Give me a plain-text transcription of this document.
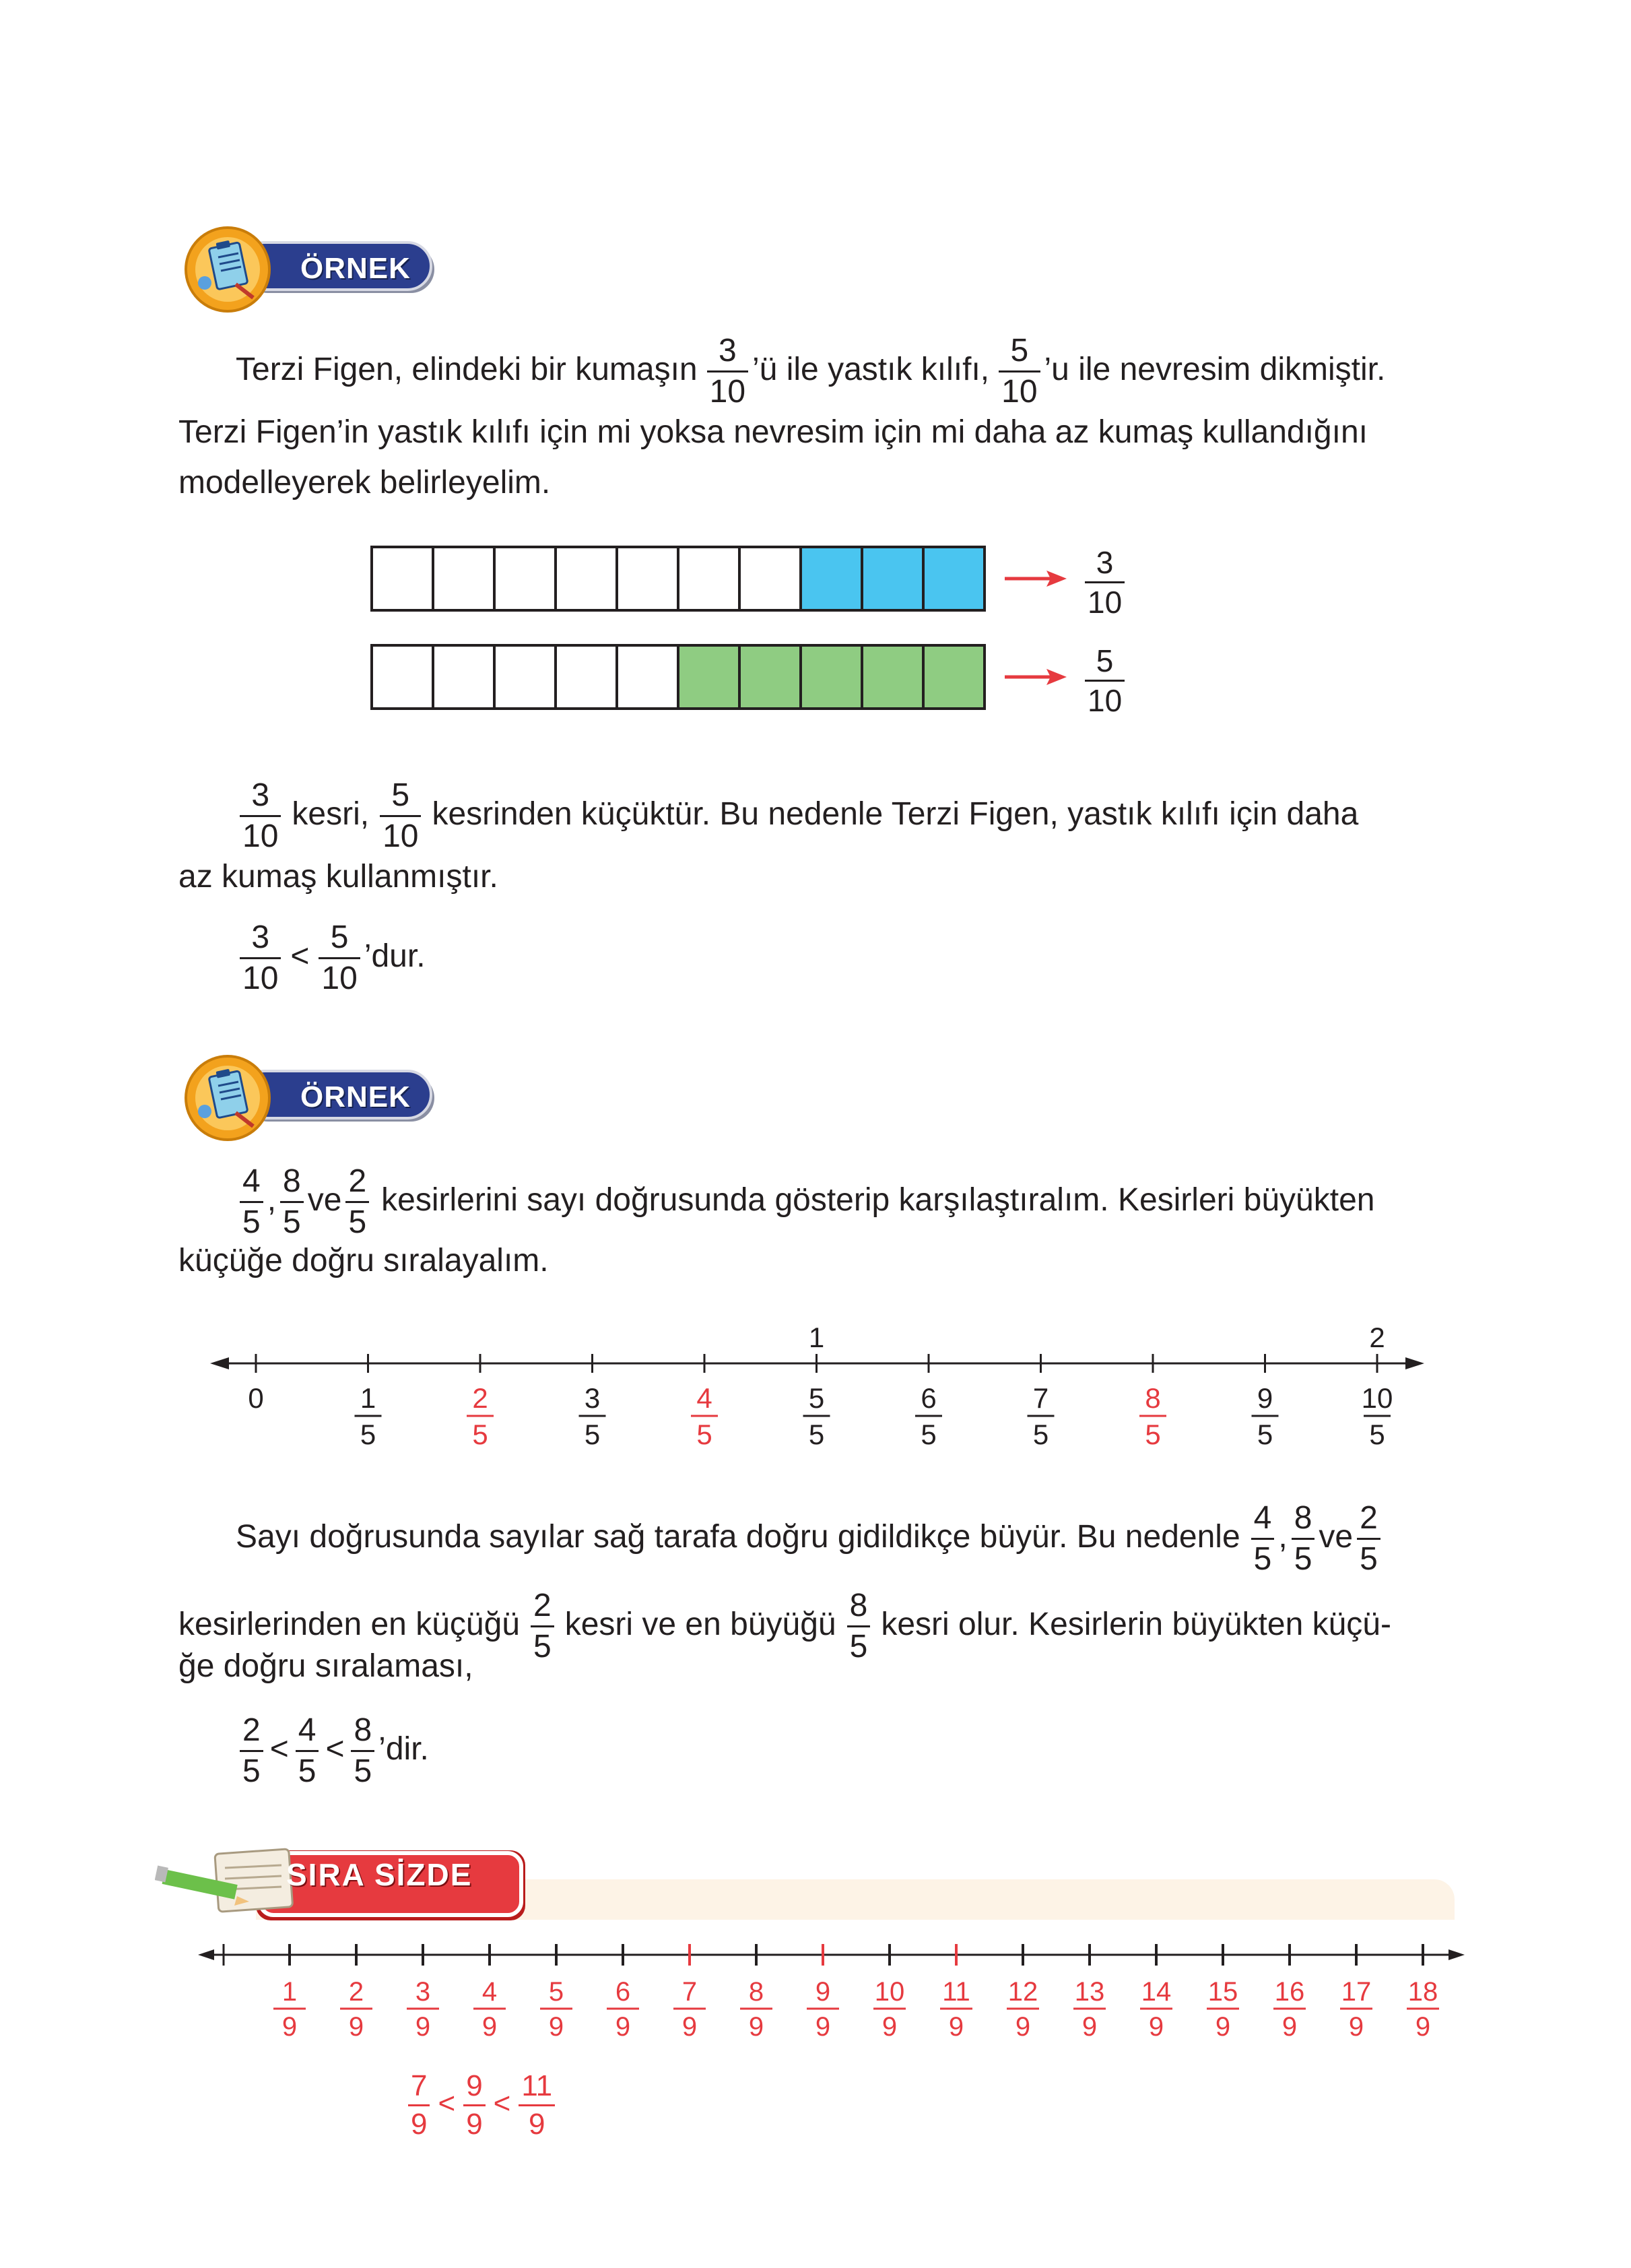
ÖRNEK
Terzi Figen, elindeki bir kumaşın $\frac{3}{10}$ ’ü ile yastık kılıfı, $\frac{5}{10}$ ’u ile nevresim dikmiştir.
Terzi Figen’in yastık kılıfı için mi yoksa nevresim için mi daha az kumaş kullandığını
modelleyerek belirleyelim.
$\frac{3}{10}$
$\frac{5}{10}$
$\frac{3}{10}$ kesri, $\frac{5}{10}$ kesrinden küçüktür. Bu nedenle Terzi Figen, yastık kılıfı için daha
az kumaş kullanmıştır.
$\frac{3}{10} < \frac{5}{10}$ ’dur.
ÖRNEK
$\frac{4}{5}$ , $\frac{8}{5}$ ve $\frac{2}{5}$ kesirlerini sayı doğrusunda gösterip karşılaştıralım. Kesirleri büyükten
küçüğe doğru sıralayalım.
0	1
5
2
5
3
5
4
5
1
5
5
6
5
7
5
8
5
9
5
2
10
5
Sayı doğrusunda sayılar sağ tarafa doğru gidildikçe büyür. Bu nedenle $\frac{4}{5}$ , $\frac{8}{5}$ ve $\frac{2}{5}$
kesirlerinden en küçüğü $\frac{2}{5}$ kesri ve en büyüğü $\frac{8}{5}$ kesri olur. Kesirlerin büyükten küçü-
ğe doğru sıralaması,
$\frac{2}{5} < \frac{4}{5} < \frac{8}{5}$ ’dir.
SIRA SİZDE
1
9
2
9
3
9
4
9
5
9
6
9
7
9
8
9
9
9
10
9
11
9
12
9
13
9
14
9
15
9
16
9
17
9
18
9
$\frac{7}{9} < \frac{9}{9} < \frac{11}{9}$
